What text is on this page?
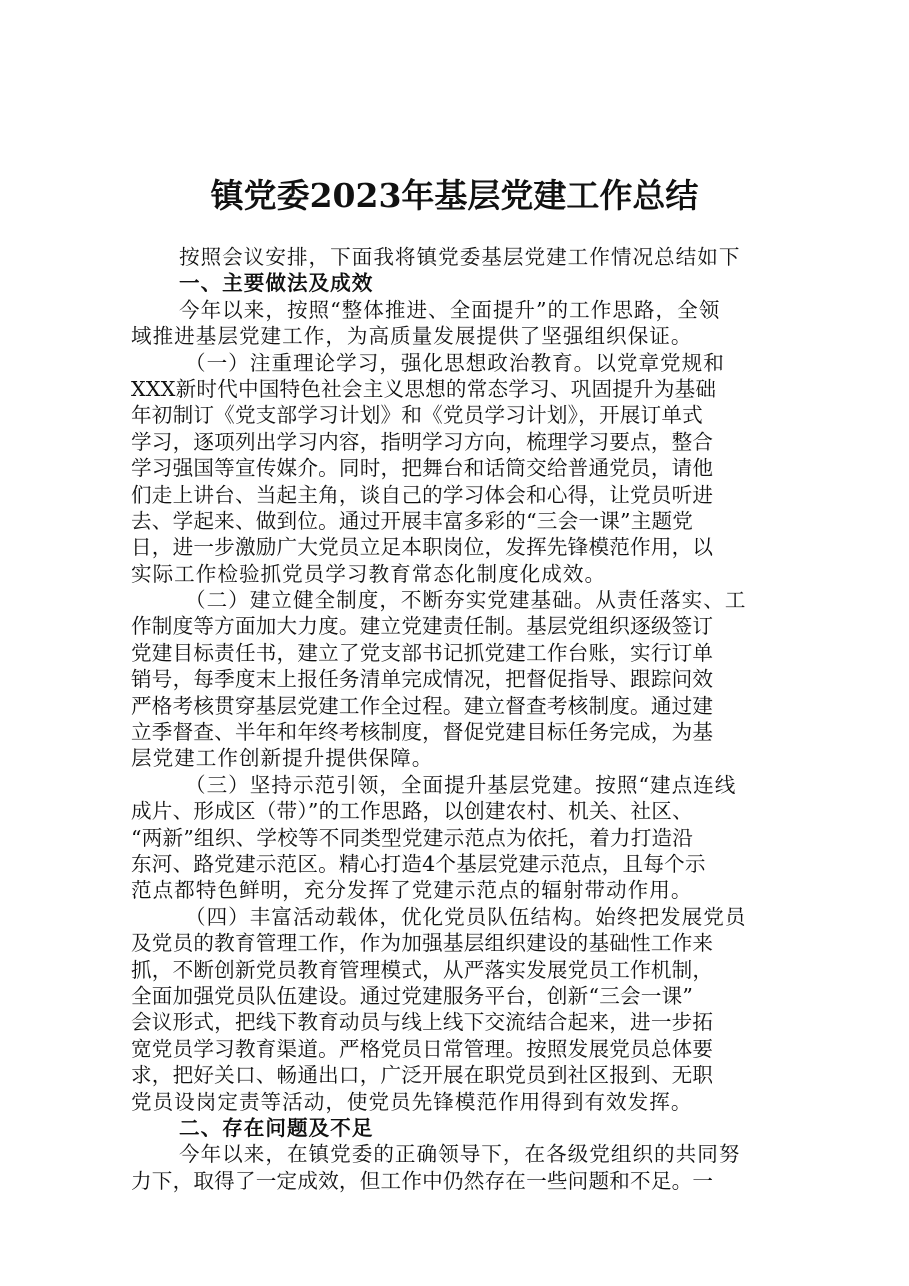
镇党委2023年基层党建工作总结
按照会议安排，下面我将镇党委基层党建工作情况总结如下
一、主要做法及成效
今年以来，按照“整体推进、全面提升”的工作思路，全领
域推进基层党建工作，为高质量发展提供了坚强组织保证。
（一）注重理论学习，强化思想政治教育。以党章党规和
XXX新时代中国特色社会主义思想的常态学习、巩固提升为基础
年初制订《党支部学习计划》和《党员学习计划》，开展订单式
学习，逐项列出学习内容，指明学习方向，梳理学习要点，整合
学习强国等宣传媒介。同时，把舞台和话筒交给普通党员，请他
们走上讲台、当起主角，谈自己的学习体会和心得，让党员听进
去、学起来、做到位。通过开展丰富多彩的“三会一课”主题党
日，进一步激励广大党员立足本职岗位，发挥先锋模范作用，以
实际工作检验抓党员学习教育常态化制度化成效。
（二）建立健全制度，不断夯实党建基础。从责任落实、工
作制度等方面加大力度。建立党建责任制。基层党组织逐级签订
党建目标责任书，建立了党支部书记抓党建工作台账，实行订单
销号，每季度末上报任务清单完成情况，把督促指导、跟踪问效
严格考核贯穿基层党建工作全过程。建立督查考核制度。通过建
立季督查、半年和年终考核制度，督促党建目标任务完成，为基
层党建工作创新提升提供保障。
（三）坚持示范引领，全面提升基层党建。按照“建点连线
成片、形成区（带）”的工作思路，以创建农村、机关、社区、
“两新”组织、学校等不同类型党建示范点为依托，着力打造沿
东河、路党建示范区。精心打造4个基层党建示范点，且每个示
范点都特色鲜明，充分发挥了党建示范点的辐射带动作用。
（四）丰富活动载体，优化党员队伍结构。始终把发展党员
及党员的教育管理工作，作为加强基层组织建设的基础性工作来
抓，不断创新党员教育管理模式，从严落实发展党员工作机制，
全面加强党员队伍建设。通过党建服务平台，创新“三会一课”
会议形式，把线下教育动员与线上线下交流结合起来，进一步拓
宽党员学习教育渠道。严格党员日常管理。按照发展党员总体要
求，把好关口、畅通出口，广泛开展在职党员到社区报到、无职
党员设岗定责等活动，使党员先锋模范作用得到有效发挥。
二、存在问题及不足
今年以来，在镇党委的正确领导下，在各级党组织的共同努
力下，取得了一定成效，但工作中仍然存在一些问题和不足。一
